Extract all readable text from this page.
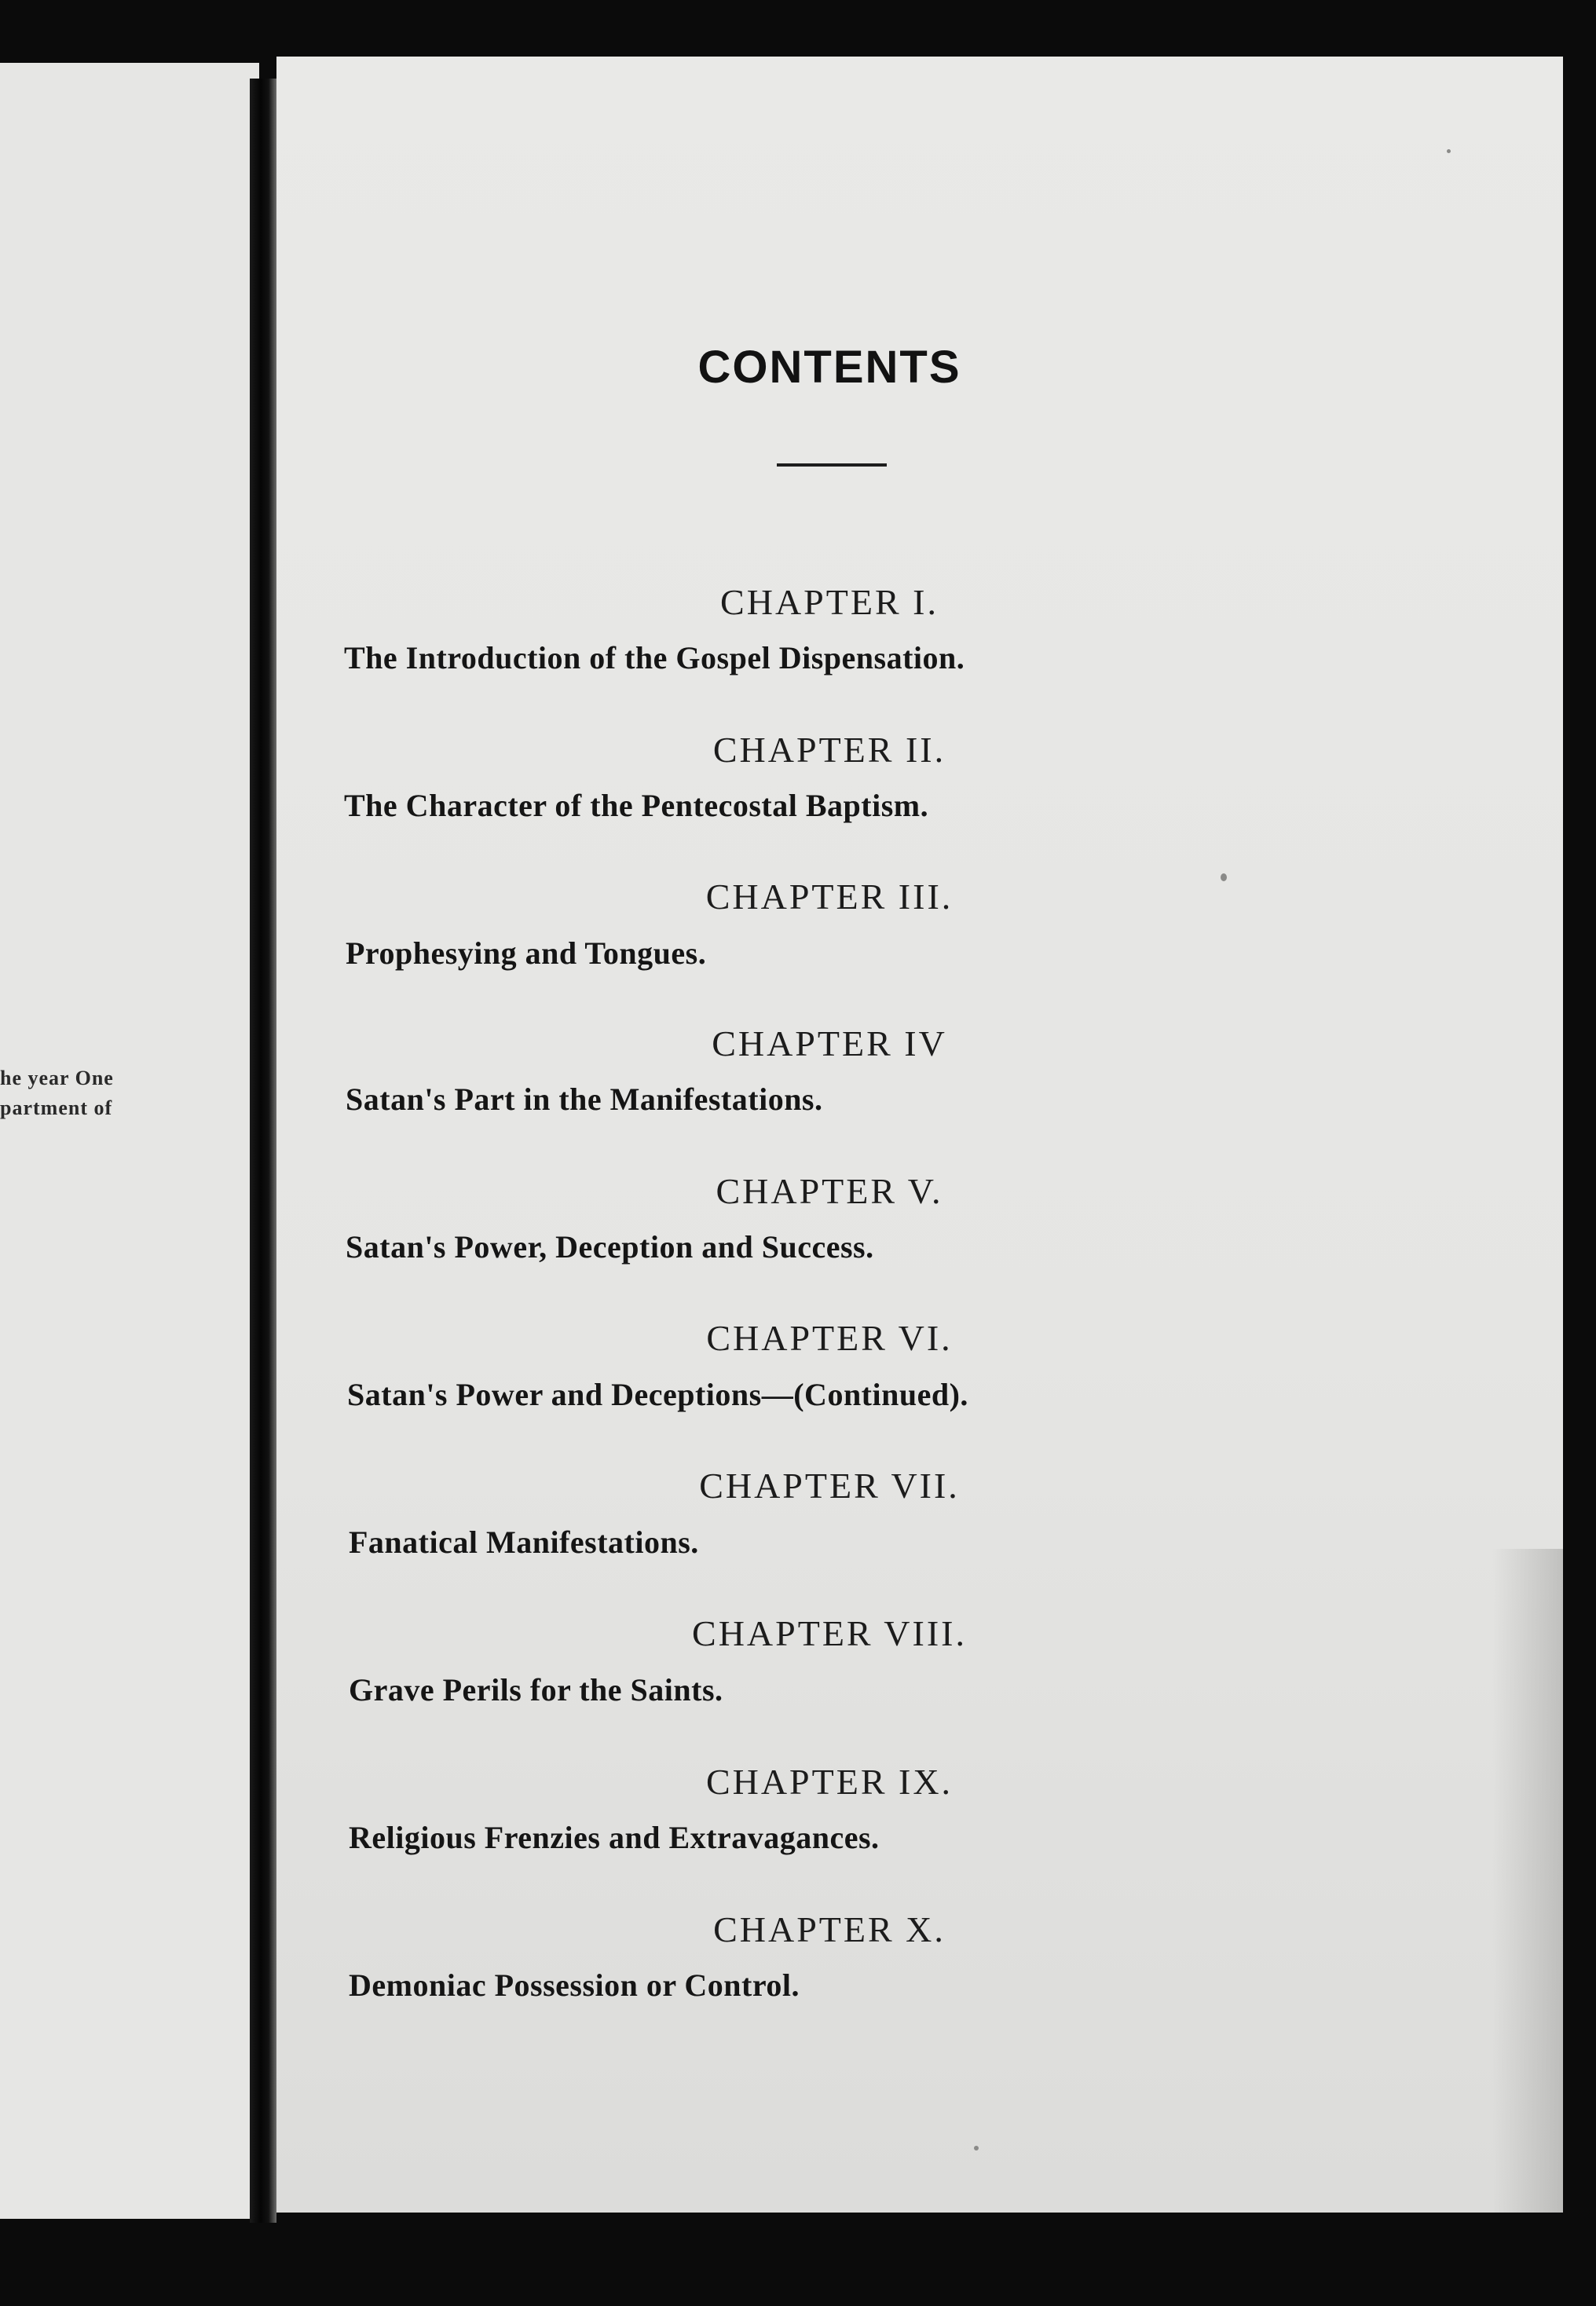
he year One
partment of
CONTENTS
CHAPTER I.
The Introduction of the Gospel Dispensation.
CHAPTER II.
The Character of the Pentecostal Baptism.
CHAPTER III.
Prophesying and Tongues.
CHAPTER IV
Satan's Part in the Manifestations.
CHAPTER V.
Satan's Power, Deception and Success.
CHAPTER VI.
Satan's Power and Deceptions—(Continued).
CHAPTER VII.
Fanatical Manifestations.
CHAPTER VIII.
Grave Perils for the Saints.
CHAPTER IX.
Religious Frenzies and Extravagances.
CHAPTER X.
Demoniac Possession or Control.
